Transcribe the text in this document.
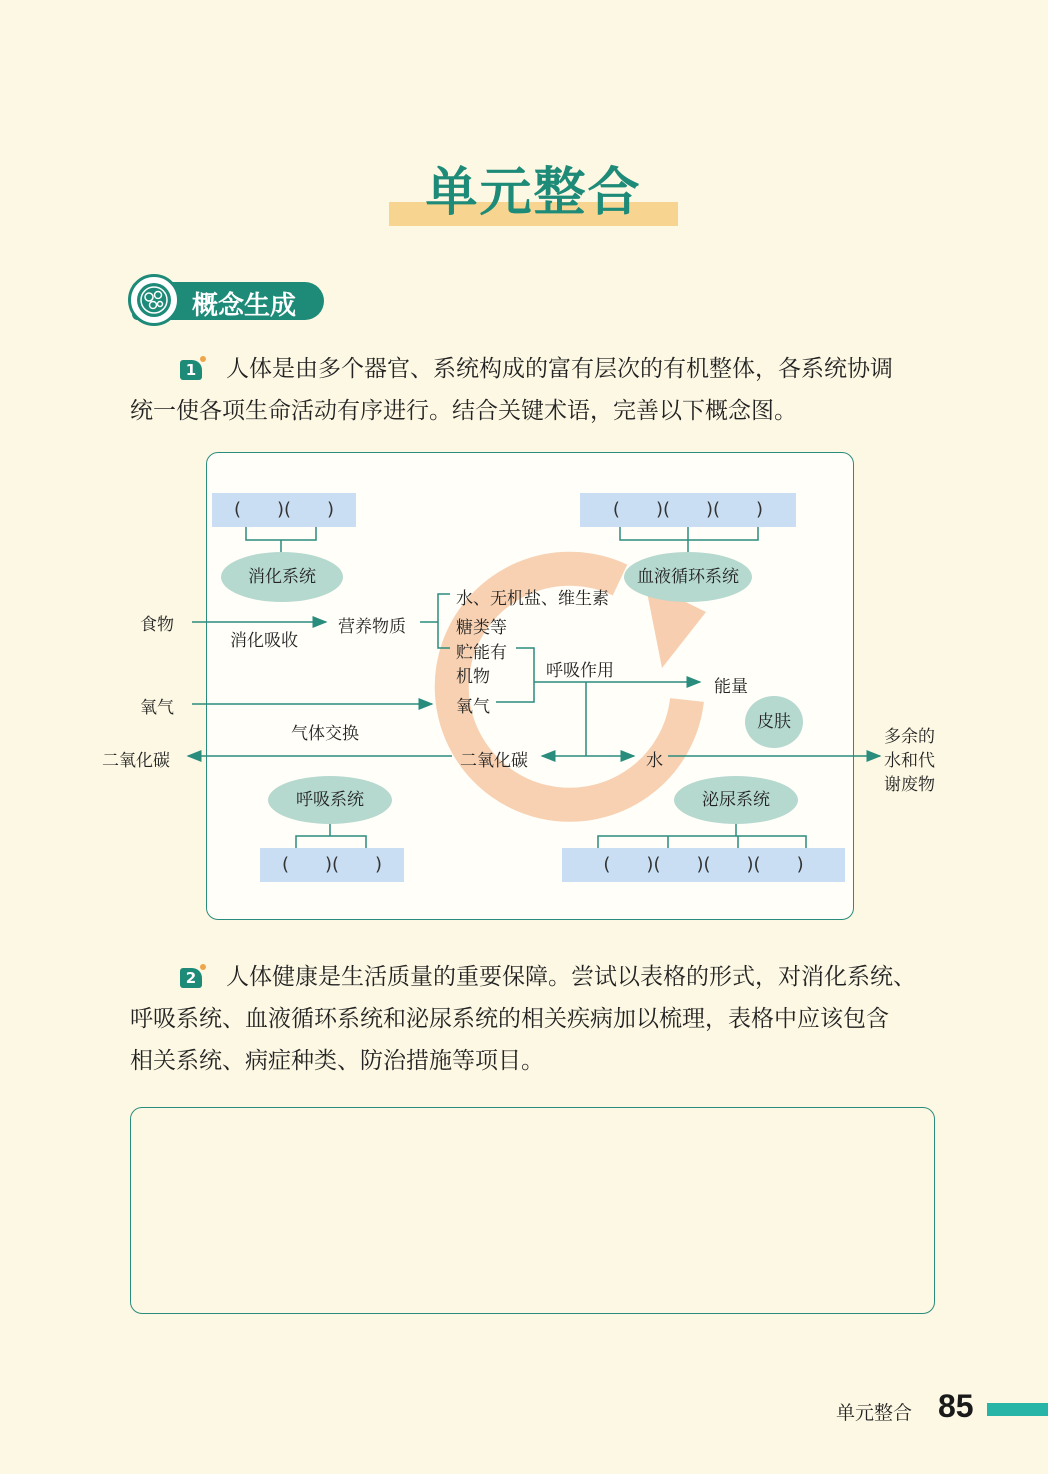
单元整合
概念生成
1 人体是由多个器官、系统构成的富有层次的有机整体，各系统协调
统一使各项生命活动有序进行。结合关键术语，完善以下概念图。
(　　)(　　)	(　　)(　　)(　　)
(　　)(　　)	(　　)(　　)(　　)(　　)
消化系统	血液循环系统
呼吸系统	泌尿系统
皮肤
食物
消化吸收
营养物质
水、无机盐、维生素
糖类等
贮能有
机物
氧气
呼吸作用
能量
氧气
气体交换
二氧化碳	二氧化碳	水
多余的
水和代
谢废物
2 人体健康是生活质量的重要保障。尝试以表格的形式，对消化系统、
呼吸系统、血液循环系统和泌尿系统的相关疾病加以梳理，表格中应该包含
相关系统、病症种类、防治措施等项目。
单元整合 85
